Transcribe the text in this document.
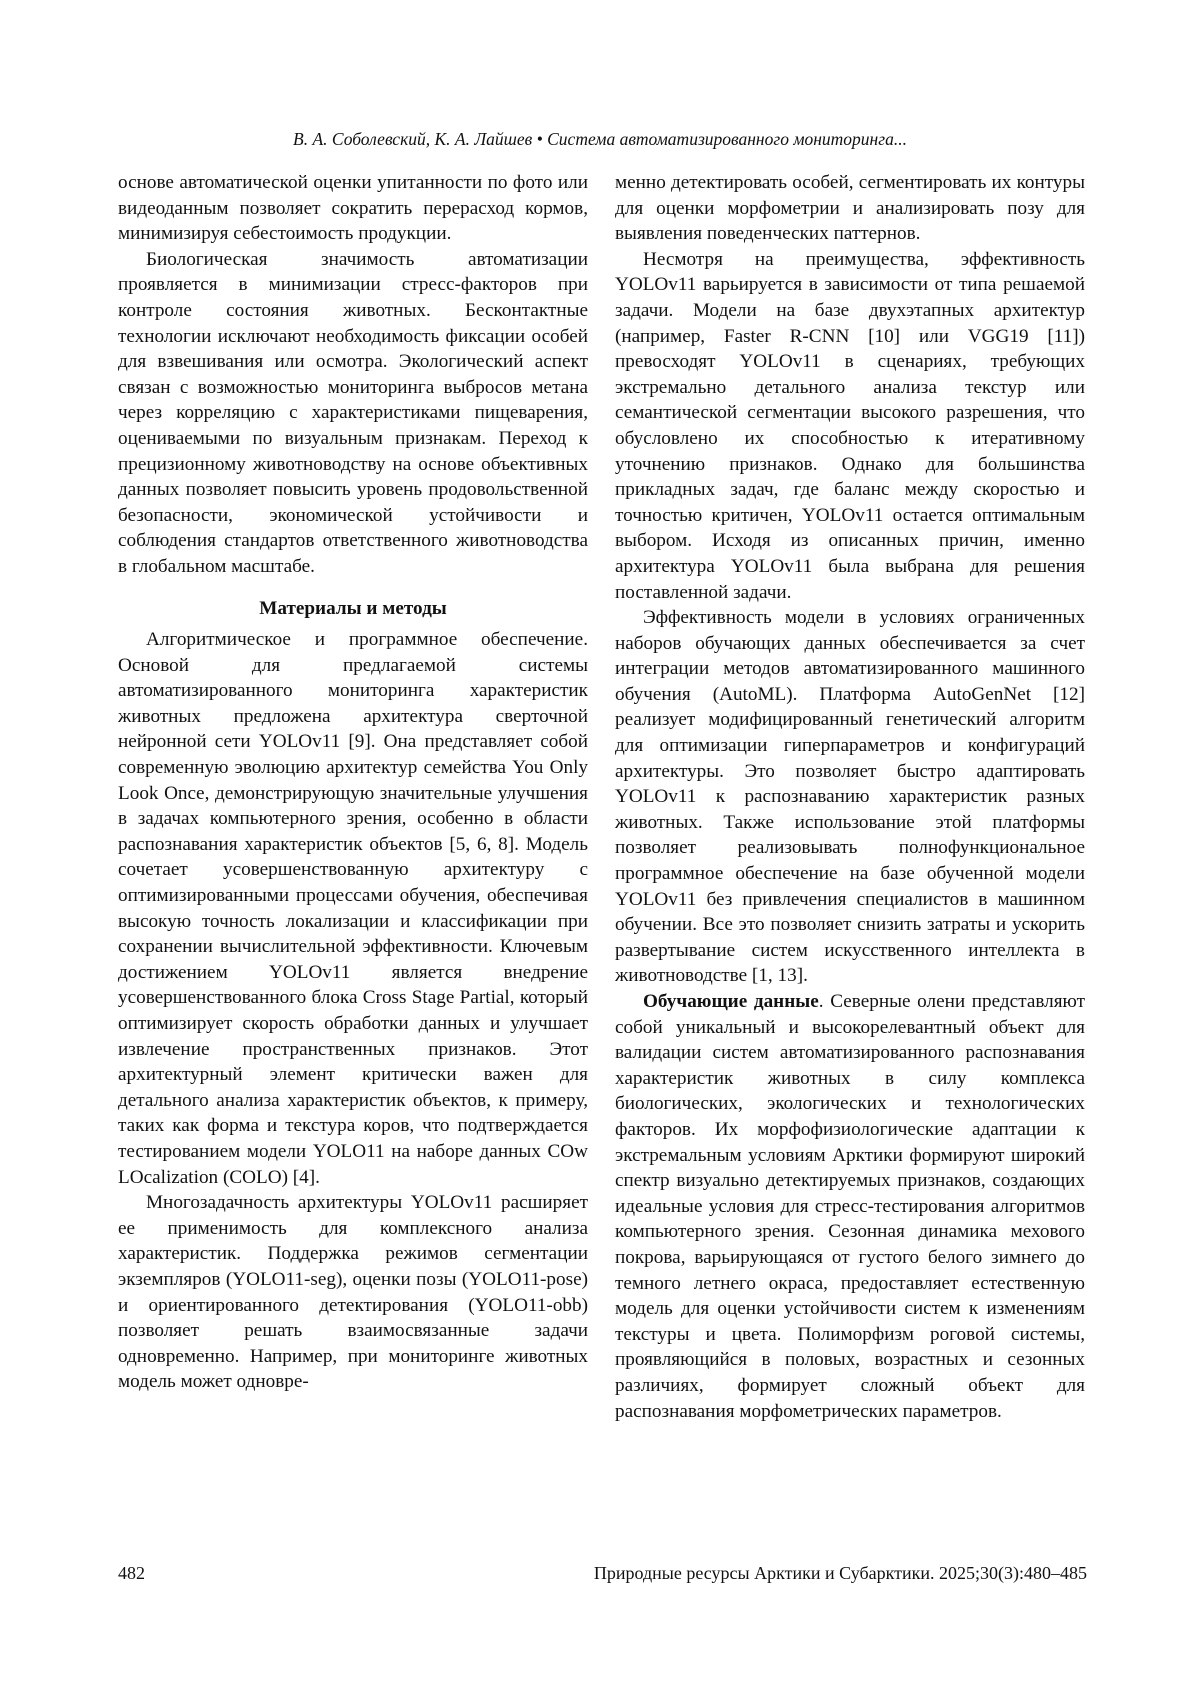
В. А. Соболевский, К. А. Лайшев • Система автоматизированного мониторинга...

основе автоматической оценки упитанности по фото или видеоданным позволяет сократить перерасход кормов, минимизируя себестоимость продукции.

Биологическая значимость автоматизации проявляется в минимизации стресс-факторов при контроле состояния животных. Бесконтактные технологии исключают необходимость фиксации особей для взвешивания или осмотра. Экологический аспект связан с возможностью мониторинга выбросов метана через корреляцию с характеристиками пищеварения, оцениваемыми по визуальным признакам. Переход к прецизионному животноводству на основе объективных данных позволяет повысить уровень продовольственной безопасности, экономической устойчивости и соблюдения стандартов ответственного животноводства в глобальном масштабе.

Материалы и методы

Алгоритмическое и программное обеспечение. Основой для предлагаемой системы автоматизированного мониторинга характеристик животных предложена архитектура сверточной нейронной сети YOLOv11 [9]. Она представляет собой современную эволюцию архитектур семейства You Only Look Once, демонстрирующую значительные улучшения в задачах компьютерного зрения, особенно в области распознавания характеристик объектов [5, 6, 8]. Модель сочетает усовершенствованную архитектуру с оптимизированными процессами обучения, обеспечивая высокую точность локализации и классификации при сохранении вычислительной эффективности. Ключевым достижением YOLOv11 является внедрение усовершенствованного блока Cross Stage Partial, который оптимизирует скорость обработки данных и улучшает извлечение пространственных признаков. Этот архитектурный элемент критически важен для детального анализа характеристик объектов, к примеру, таких как форма и текстура коров, что подтверждается тестированием модели YOLO11 на наборе данных COw LOcalization (COLO) [4].

Многозадачность архитектуры YOLOv11 расширяет ее применимость для комплексного анализа характеристик. Поддержка режимов сегментации экземпляров (YOLO11-seg), оценки позы (YOLO11-pose) и ориентированного детектирования (YOLO11-obb) позволяет решать взаимосвязанные задачи одновременно. Например, при мониторинге животных модель может одновре-

менно детектировать особей, сегментировать их контуры для оценки морфометрии и анализировать позу для выявления поведенческих паттернов.

Несмотря на преимущества, эффективность YOLOv11 варьируется в зависимости от типа решаемой задачи. Модели на базе двухэтапных архитектур (например, Faster R-CNN [10] или VGG19 [11]) превосходят YOLOv11 в сценариях, требующих экстремально детального анализа текстур или семантической сегментации высокого разрешения, что обусловлено их способностью к итеративному уточнению признаков. Однако для большинства прикладных задач, где баланс между скоростью и точностью критичен, YOLOv11 остается оптимальным выбором. Исходя из описанных причин, именно архитектура YOLOv11 была выбрана для решения поставленной задачи.

Эффективность модели в условиях ограниченных наборов обучающих данных обеспечивается за счет интеграции методов автоматизированного машинного обучения (AutoML). Платформа AutoGenNet [12] реализует модифицированный генетический алгоритм для оптимизации гиперпараметров и конфигураций архитектуры. Это позволяет быстро адаптировать YOLOv11 к распознаванию характеристик разных животных. Также использование этой платформы позволяет реализовывать полнофункциональное программное обеспечение на базе обученной модели YOLOv11 без привлечения специалистов в машинном обучении. Все это позволяет снизить затраты и ускорить развертывание систем искусственного интеллекта в животноводстве [1, 13].

Обучающие данные. Северные олени представляют собой уникальный и высокорелевантный объект для валидации систем автоматизированного распознавания характеристик животных в силу комплекса биологических, экологических и технологических факторов. Их морфофизиологические адаптации к экстремальным условиям Арктики формируют широкий спектр визуально детектируемых признаков, создающих идеальные условия для стресс-тестирования алгоритмов компьютерного зрения. Сезонная динамика мехового покрова, варьирующаяся от густого белого зимнего до темного летнего окраса, предоставляет естественную модель для оценки устойчивости систем к изменениям текстуры и цвета. Полиморфизм роговой системы, проявляющийся в половых, возрастных и сезонных различиях, формирует сложный объект для распознавания морфометрических параметров.

482	Природные ресурсы Арктики и Субарктики. 2025;30(3):480–485
